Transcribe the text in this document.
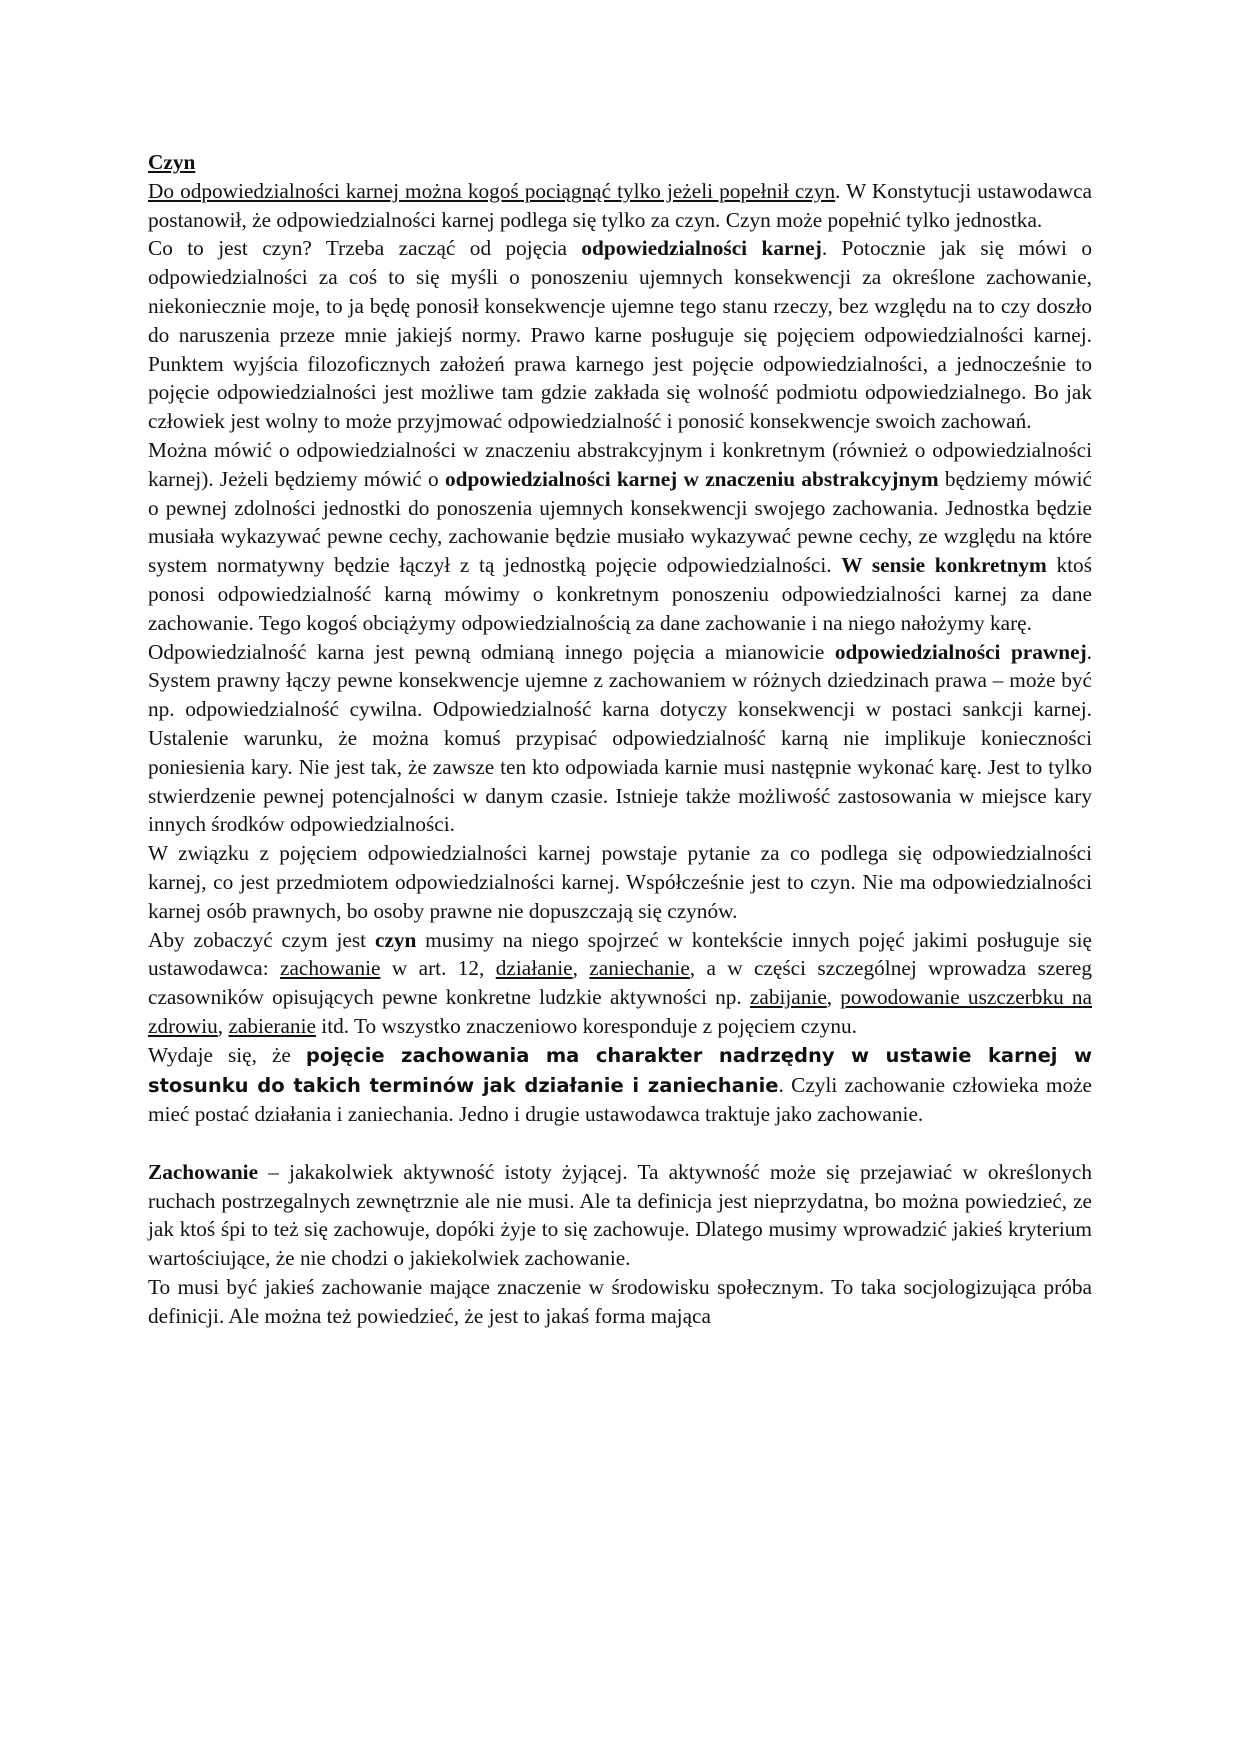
Czyn

Do odpowiedzialności karnej można kogoś pociągnąć tylko jeżeli popełnił czyn. W Konstytucji ustawodawca postanowił, że odpowiedzialności karnej podlega się tylko za czyn. Czyn może popełnić tylko jednostka.

Co to jest czyn? Trzeba zacząć od pojęcia odpowiedzialności karnej. Potocznie jak się mówi o odpowiedzialności za coś to się myśli o ponoszeniu ujemnych konsekwencji za określone zachowanie, niekoniecznie moje, to ja będę ponosił konsekwencje ujemne tego stanu rzeczy, bez względu na to czy doszło do naruszenia przeze mnie jakiejś normy. Prawo karne posługuje się pojęciem odpowiedzialności karnej. Punktem wyjścia filozoficznych założeń prawa karnego jest pojęcie odpowiedzialności, a jednocześnie to pojęcie odpowiedzialności jest możliwe tam gdzie zakłada się wolność podmiotu odpowiedzialnego. Bo jak człowiek jest wolny to może przyjmować odpowiedzialność i ponosić konsekwencje swoich zachowań.

Można mówić o odpowiedzialności w znaczeniu abstrakcyjnym i konkretnym (również o odpowiedzialności karnej). Jeżeli będziemy mówić o odpowiedzialności karnej w znaczeniu abstrakcyjnym będziemy mówić o pewnej zdolności jednostki do ponoszenia ujemnych konsekwencji swojego zachowania. Jednostka będzie musiała wykazywać pewne cechy, zachowanie będzie musiało wykazywać pewne cechy, ze względu na które system normatywny będzie łączył z tą jednostką pojęcie odpowiedzialności. W sensie konkretnym ktoś ponosi odpowiedzialność karną mówimy o konkretnym ponoszeniu odpowiedzialności karnej za dane zachowanie. Tego kogoś obciążymy odpowiedzialnością za dane zachowanie i na niego nałożymy karę.

Odpowiedzialność karna jest pewną odmianą innego pojęcia a mianowicie odpowiedzialności prawnej. System prawny łączy pewne konsekwencje ujemne z zachowaniem w różnych dziedzinach prawa – może być np. odpowiedzialność cywilna. Odpowiedzialność karna dotyczy konsekwencji w postaci sankcji karnej. Ustalenie warunku, że można komuś przypisać odpowiedzialność karną nie implikuje konieczności poniesienia kary. Nie jest tak, że zawsze ten kto odpowiada karnie musi następnie wykonać karę. Jest to tylko stwierdzenie pewnej potencjalności w danym czasie. Istnieje także możliwość zastosowania w miejsce kary innych środków odpowiedzialności.

W związku z pojęciem odpowiedzialności karnej powstaje pytanie za co podlega się odpowiedzialności karnej, co jest przedmiotem odpowiedzialności karnej. Współcześnie jest to czyn. Nie ma odpowiedzialności karnej osób prawnych, bo osoby prawne nie dopuszczają się czynów.

Aby zobaczyć czym jest czyn musimy na niego spojrzeć w kontekście innych pojęć jakimi posługuje się ustawodawca: zachowanie w art. 12, działanie, zaniechanie, a w części szczególnej wprowadza szereg czasowników opisujących pewne konkretne ludzkie aktywności np. zabijanie, powodowanie uszczerbku na zdrowiu, zabieranie itd. To wszystko znaczeniowo koresponduje z pojęciem czynu.

Wydaje się, że pojęcie zachowania ma charakter nadrzędny w ustawie karnej w stosunku do takich terminów jak działanie i zaniechanie. Czyli zachowanie człowieka może mieć postać działania i zaniechania. Jedno i drugie ustawodawca traktuje jako zachowanie.

Zachowanie – jakakolwiek aktywność istoty żyjącej. Ta aktywność może się przejawiać w określonych ruchach postrzegalnych zewnętrznie ale nie musi. Ale ta definicja jest nieprzydatna, bo można powiedzieć, ze jak ktoś śpi to też się zachowuje, dopóki żyje to się zachowuje. Dlatego musimy wprowadzić jakieś kryterium wartościujące, że nie chodzi o jakiekolwiek zachowanie.

To musi być jakieś zachowanie mające znaczenie w środowisku społecznym. To taka socjologizująca próba definicji. Ale można też powiedzieć, że jest to jakaś forma mająca
